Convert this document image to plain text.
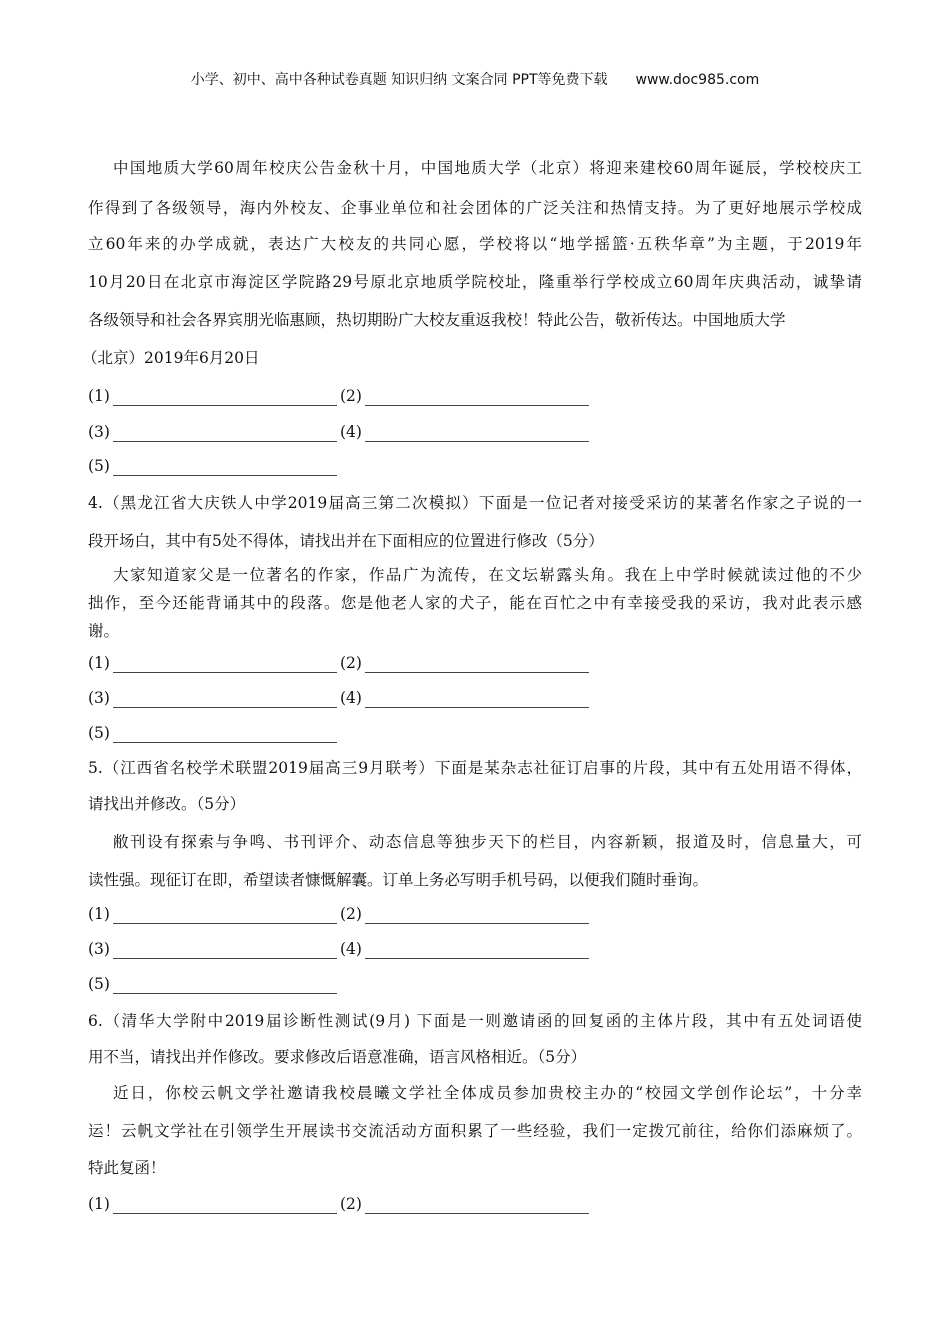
小学、初中、高中各种试卷真题 知识归纳 文案合同 PPT等免费下载 www.doc985.com
中国地质大学60周年校庆公告金秋十月，中国地质大学（北京）将迎来建校60周年诞辰，学校校庆工
作得到了各级领导，海内外校友、企事业单位和社会团体的广泛关注和热情支持。为了更好地展示学校成
立60年来的办学成就，表达广大校友的共同心愿，学校将以“地学摇篮·五秩华章”为主题，于2019年
10月20日在北京市海淀区学院路29号原北京地质学院校址，隆重举行学校成立60周年庆典活动，诚挚请
各级领导和社会各界宾朋光临惠顾，热切期盼广大校友重返我校！特此公告，敬祈传达。中国地质大学
（北京）2019年6月20日
(1)	(2)
(3)	(4)
(5)
4.（黑龙江省大庆铁人中学2019届高三第二次模拟）下面是一位记者对接受采访的某著名作家之子说的一
段开场白，其中有5处不得体，请找出并在下面相应的位置进行修改（5分）
大家知道家父是一位著名的作家，作品广为流传，在文坛崭露头角。我在上中学时候就读过他的不少
拙作，至今还能背诵其中的段落。您是他老人家的犬子，能在百忙之中有幸接受我的采访，我对此表示感
谢。
(1)	(2)
(3)	(4)
(5)
5.（江西省名校学术联盟2019届高三9月联考）下面是某杂志社征订启事的片段，其中有五处用语不得体，
请找出并修改。（5分）
敝刊设有探索与争鸣、书刊评介、动态信息等独步天下的栏目，内容新颖，报道及时，信息量大，可
读性强。现征订在即，希望读者慷慨解囊。订单上务必写明手机号码，以便我们随时垂询。
(1)	(2)
(3)	(4)
(5)
6.（清华大学附中2019届诊断性测试(9月) 下面是一则邀请函的回复函的主体片段，其中有五处词语使
用不当，请找出并作修改。要求修改后语意准确，语言风格相近。（5分）
近日，你校云帆文学社邀请我校晨曦文学社全体成员参加贵校主办的“校园文学创作论坛”，十分幸
运！云帆文学社在引领学生开展读书交流活动方面积累了一些经验，我们一定拨冗前往，给你们添麻烦了。
特此复函！
(1)	(2)
